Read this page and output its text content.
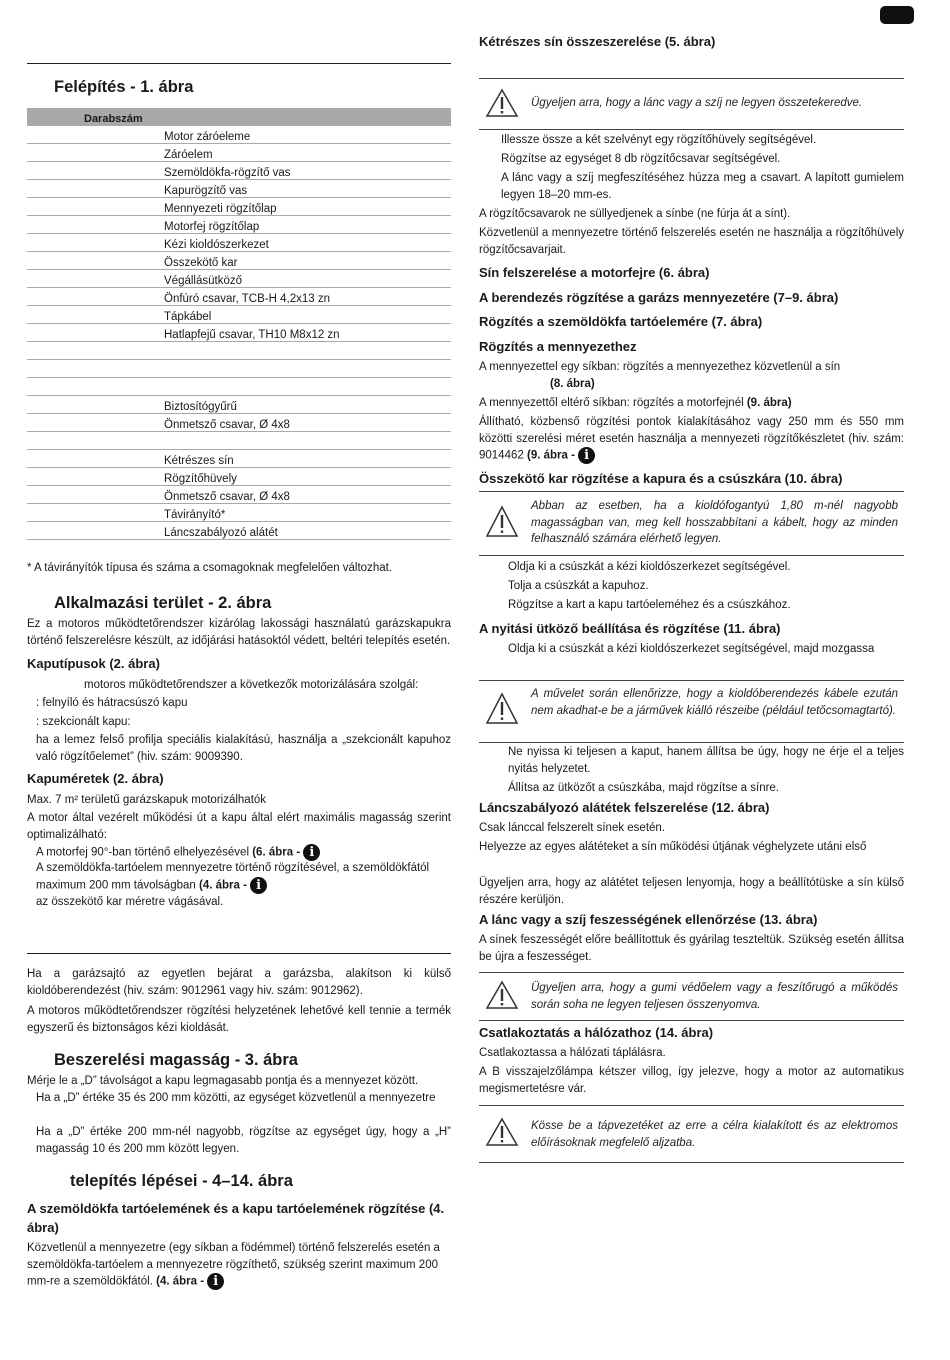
Felépítés - 1. ábra
Darabszám	
	Motor záróeleme
	Záróelem
	Szemöldökfa-rögzítő vas
	Kapurögzítő vas
	Mennyezeti rögzítőlap
	Motorfej rögzítőlap
	Kézi kioldószerkezet
	Összekötő kar
	Végállásütköző
	Önfúró csavar, TCB-H 4,2x13 zn
	Tápkábel
	Hatlapfejű csavar, TH10 M8x12 zn

	Biztosítógyűrű
	Önmetsző csavar, Ø 4x8

	Kétrészes sín
	Rögzítőhüvely
	Önmetsző csavar, Ø 4x8
	Távirányító*
	Láncszabályozó alátét

* A távirányítók típusa és száma a csomagoknak megfelelően változhat.

Alkalmazási terület - 2. ábra

Ez a motoros működtetőrendszer kizárólag lakossági használatú garázskapukra történő felszerelésre készült, az időjárási hatásoktól védett, beltéri telepítés esetén.

Kaputípusok (2. ábra)

motoros működtetőrendszer a következők motorizálására szolgál:

: felnyíló és hátracsúszó kapu

: szekcionált kapu:

ha a lemez felső profilja speciális kialakítású, használja a „szekcionált kapuhoz való rögzítőelemet” (hiv. szám: 9009390.

Kapuméretek (2. ábra)

Max. 7 m² területű garázskapuk motorizálhatók

A motor által vezérelt működési út a kapu által elért maximális magasság szerint optimalizálható:

A motorfej 90°-ban történő elhelyezésével (6. ábra - i

A szemöldökfa-tartóelem mennyezetre történő rögzítésével, a szemöldökfától maximum 200 mm távolságban (4. ábra - i

az összekötő kar méretre vágásával.

Ha a garázsajtó az egyetlen bejárat a garázsba, alakítson ki külső kioldóberendezést (hiv. szám: 9012961 vagy hiv. szám: 9012962).

A motoros működtetőrendszer rögzítési helyzetének lehetővé kell tennie a termék egyszerű és biztonságos kézi kioldását.

Beszerelési magasság - 3. ábra

Mérje le a „D” távolságot a kapu legmagasabb pontja és a mennyezet között.

Ha a „D” értéke 35 és 200 mm közötti, az egységet közvetlenül a mennyezetre

Ha a „D” értéke 200 mm-nél nagyobb, rögzítse az egységet úgy, hogy a „H” magasság 10 és 200 mm között legyen.

telepítés lépései - 4–14. ábra
A szemöldökfa tartóelemének és a kapu tartóelemének rögzítése (4. ábra)

Közvetlenül a mennyezetre (egy síkban a födémmel) történő felszerelés esetén a szemöldökfa-tartóelem a mennyezetre rögzíthető, szükség szerint maximum 200 mm-re a szemöldökfától. (4. ábra - i

Kétrészes sín összeszerelése (5. ábra)

Ügyeljen arra, hogy a lánc vagy a szíj ne legyen összetekeredve.

Illessze össze a két szelvényt egy rögzítőhüvely segítségével.

Rögzítse az egységet 8 db rögzítőcsavar segítségével.

A lánc vagy a szíj megfeszítéséhez húzza meg a csavart. A lapított gumielem legyen 18–20 mm-es.

A rögzítőcsavarok ne süllyedjenek a sínbe (ne fúrja át a sínt).

Közvetlenül a mennyezetre történő felszerelés esetén ne használja a rögzítőhüvely rögzítőcsavarjait.

Sín felszerelése a motorfejre (6. ábra)
A berendezés rögzítése a garázs mennyezetére (7–9. ábra)
Rögzítés a szemöldökfa tartóelemére (7. ábra)
Rögzítés a mennyezethez

A mennyezettel egy síkban: rögzítés a mennyezethez közvetlenül a sín

(8. ábra)

A mennyezettől eltérő síkban: rögzítés a motorfejnél (9. ábra)

Állítható, közbenső rögzítési pontok kialakításához vagy 250 mm és 550 mm közötti szerelési méret esetén használja a mennyezeti rögzítőkészletet (hiv. szám: 9014462 (9. ábra - i

Összekötő kar rögzítése a kapura és a csúszkára (10. ábra)

Abban az esetben, ha a kioldófogantyú 1,80 m-nél nagyobb magasságban van, meg kell hosszabbítani a kábelt, hogy az minden felhasználó számára elérhető legyen.

Oldja ki a csúszkát a kézi kioldószerkezet segítségével.

Tolja a csúszkát a kapuhoz.

Rögzítse a kart a kapu tartóeleméhez és a csúszkához.

A nyitási ütköző beállítása és rögzítése (11. ábra)

Oldja ki a csúszkát a kézi kioldószerkezet segítségével, majd mozgassa

A művelet során ellenőrizze, hogy a kioldóberendezés kábele ezután nem akadhat-e be a járművek kiálló részeibe (például tetőcsomagtartó).

Ne nyissa ki teljesen a kaput, hanem állítsa be úgy, hogy ne érje el a teljes nyitás helyzetet.

Állítsa az ütközőt a csúszkába, majd rögzítse a sínre.

Láncszabályozó alátétek felszerelése (12. ábra)

Csak lánccal felszerelt sínek esetén.

Helyezze az egyes alátéteket a sín működési útjának véghelyzete utáni első

Ügyeljen arra, hogy az alátétet teljesen lenyomja, hogy a beállítótüske a sín külső részére kerüljön.

A lánc vagy a szíj feszességének ellenőrzése (13. ábra)

A sínek feszességét előre beállítottuk és gyárilag teszteltük. Szükség esetén állítsa be újra a feszességet.

Ügyeljen arra, hogy a gumi védőelem vagy a feszítőrugó a működés során soha ne legyen teljesen összenyomva.

Csatlakoztatás a hálózathoz (14. ábra)

Csatlakoztassa a hálózati táplálásra.

A B visszajelzőlámpa kétszer villog, így jelezve, hogy a motor az automatikus megismertetésre vár.

Kösse be a tápvezetéket az erre a célra kialakított és az elektromos előírásoknak megfelelő aljzatba.
